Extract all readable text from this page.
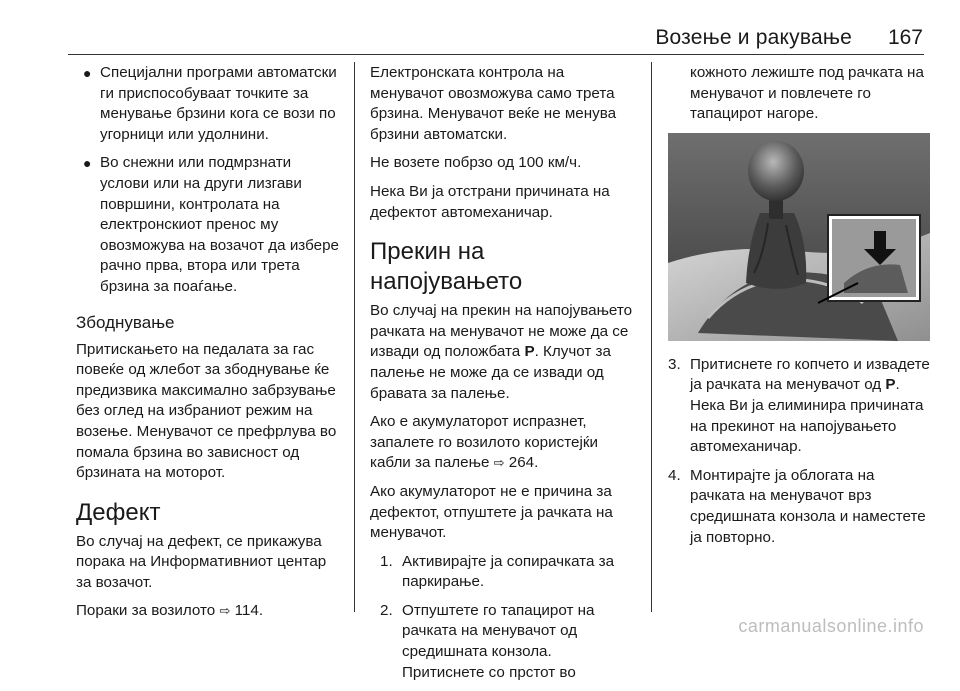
Возење и ракување 167
● Специјални програми автоматски ги приспособуваат точките за менување брзини кога се вози по угорници или удолнини.
● Во снежни или подмрзнати услови или на други лизгави површини, контролата на електронскиот пренос му овозможува на возачот да избере рачно прва, втора или трета брзина за поаѓање.
Збоднување

Притискањето на педалата за гас повеќе од жлебот за збоднување ќе предизвика максимално забрзување без оглед на избраниот режим на возење. Менувачот се префрлува во помала брзина во зависност од брзината на моторот.

Дефект

Во случај на дефект, се прикажува порака на Информативниот центар за возачот.

Пораки за возилото ⇨ 114.

Електронската контрола на менувачот овозможува само трета брзина. Менувачот веќе не менува брзини автоматски.

Не возете побрзо од 100 км/ч.

Нека Ви ја отстрани причината на дефектот автомеханичар.

Прекин на напојувањето

Во случај на прекин на напојувањето рачката на менувачот не може да се извади од положбата P. Клучот за палење не може да се извади од бравата за палење.

Ако е акумулаторот испразнет, запалете го возилото користејќи кабли за палење ⇨ 264.

Ако акумулаторот не е причина за дефектот, отпуштете ја рачката на менувачот.

1. Активирајте ја сопирачката за паркирање.
2. Отпуштете го тапацирот на рачката на менувачот од средишната конзола. Притиснете со прстот во

кожното лежиште под рачката на менувачот и повлечете го тапацирот нагоре.

3. Притиснете го копчето и извадете ја рачката на менувачот од P. Нека Ви ја елиминира причината на прекинот на напојувањето автомеханичар.
4. Монтирајте ја облогата на рачката на менувачот врз средишната конзола и наместете ја повторно.
carmanualsonline.info
